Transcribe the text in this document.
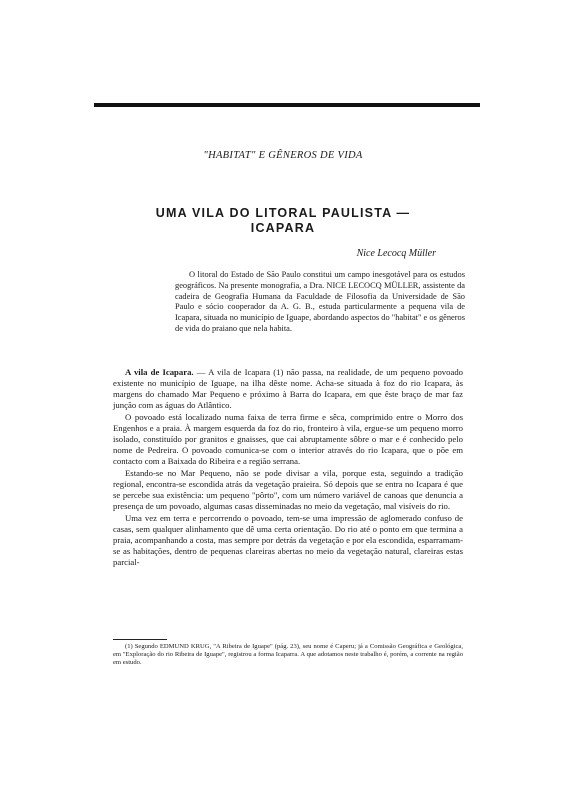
"HABITAT" E GÊNEROS DE VIDA
UMA VILA DO LITORAL PAULISTA —
ICAPARA
Nice Lecocq Müller

O litoral do Estado de São Paulo constitui um campo inesgotável para os estudos geográficos. Na presente monografia, a Dra. NICE LECOCQ MÜLLER, assistente da cadeira de Geografia Humana da Faculdade de Filosofia da Universidade de São Paulo e sócio cooperador da A. G. B., estuda particularmente a pequena vila de Icapara, situada no município de Iguape, abordando aspectos do "habitat" e os gêneros de vida do praiano que nela habita.

A vila de Icapara. — A vila de Icapara (1) não passa, na realidade, de um pequeno povoado existente no município de Iguape, na ilha dêste nome. Acha-se situada à foz do rio Icapara, às margens do chamado Mar Pequeno e próximo à Barra do Icapara, em que êste braço de mar faz junção com as águas do Atlântico.

O povoado está localizado numa faixa de terra firme e sêca, comprimido entre o Morro dos Engenhos e a praia. À margem esquerda da foz do rio, fronteiro à vila, ergue-se um pequeno morro isolado, constituído por granitos e gnaisses, que cai abruptamente sôbre o mar e é conhecido pelo nome de Pedreira. O povoado comunica-se com o interior através do rio Icapara, que o põe em contacto com a Baixada do Ribeira e a região serrana.

Estando-se no Mar Pequeno, não se pode divisar a vila, porque esta, seguindo a tradição regional, encontra-se escondida atrás da vegetação praieira. Só depois que se entra no Icapara é que se percebe sua existência: um pequeno "pôrto", com um número variável de canoas que denuncia a presença de um povoado, algumas casas disseminadas no meio da vegetação, mal visíveis do rio.

Uma vez em terra e percorrendo o povoado, tem-se uma impressão de aglomerado confuso de casas, sem qualquer alinhamento que dê uma certa orientação. Do rio até o ponto em que termina a praia, acompanhando a costa, mas sempre por detrás da vegetação e por ela escondida, esparramam-se as habitações, dentro de pequenas clareiras abertas no meio da vegetação natural, clareiras estas parcial-

(1) Segundo EDMUND KRUG, "A Ribeira de Iguape" (pág. 23), seu nome é Caperu; já a Comissão Geográfica e Geológica, em "Exploração do rio Ribeira de Iguape", registrou a forma Icaparra. A que adotamos neste trabalho é, porém, a corrente na região em estudo.
